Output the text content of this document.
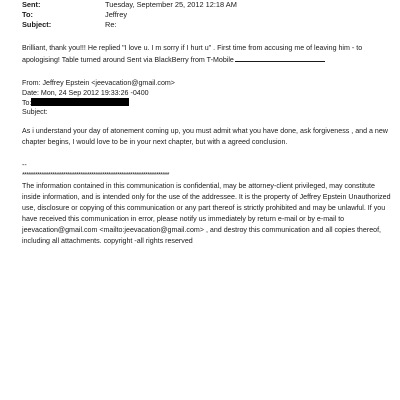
Sent:	Tuesday, September 25, 2012 12:18 AM
To:	Jeffrey
Subject:	Re:
Brilliant, thank you!!! He replied "I love u. I m sorry if I hurt u" . First time from accusing me of leaving him - to
apologising! Table turned around Sent via BlackBerry from T-Mobile
From: Jeffrey Epstein <jeevacation@gmail.com>
Date: Mon, 24 Sep 2012 19:33:26 -0400
To:
Subject:
As i understand your day of atonement coming up, you must admit what you have done, ask forgiveness , and a new
chapter begins, I would love to be in your next chapter, but with a agreed conclusion.
--
********************************************************************
The information contained in this communication is confidential, may be attorney-client privileged, may constitute
inside information, and is intended only for the use of the addressee. It is the property of Jeffrey Epstein Unauthorized
use, disclosure or copying of this communication or any part thereof is strictly prohibited and may be unlawful. If you
have received this communication in error, please notify us immediately by return e-mail or by e-mail to
jeevacation@gmail.com <mailto:jeevacation@gmail.com> , and destroy this communication and all copies thereof,
including all attachments. copyright -all rights reserved
